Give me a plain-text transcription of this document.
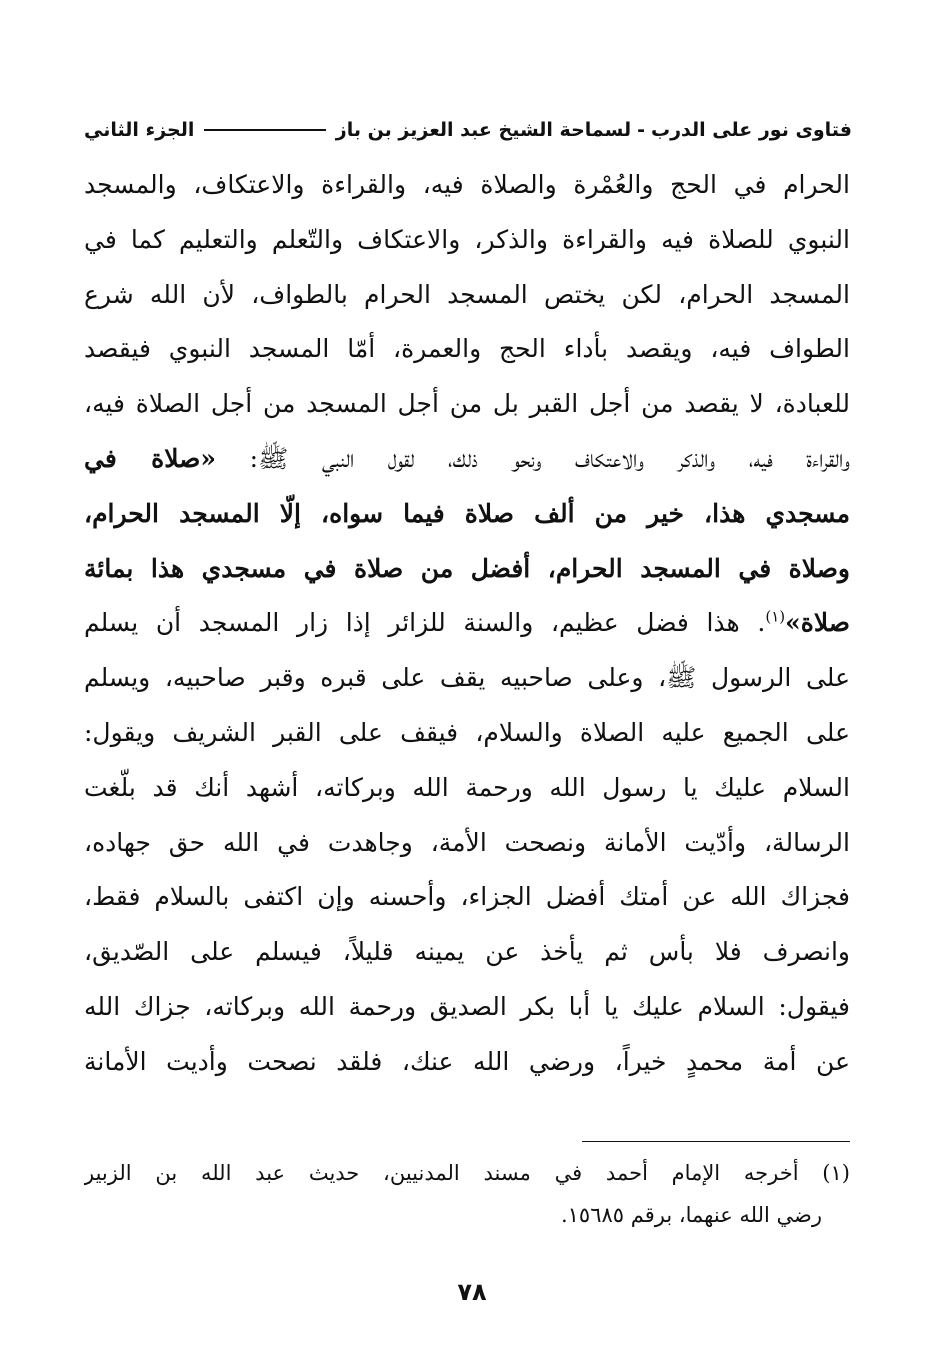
فتاوى نور على الدرب
-
لسماحة الشيخ عبد العزيز بن باز
الجزء الثاني
الحرام في الحج والعُمْرة والصلاة فيه، والقراءة والاعتكاف، والمسجد
النبوي للصلاة فيه والقراءة والذكر، والاعتكاف والتّعلم والتعليم كما في
المسجد الحرام، لكن يختص المسجد الحرام بالطواف، لأن الله شرع
الطواف فيه، ويقصد بأداء الحج والعمرة، أمّا المسجد النبوي فيقصد
للعبادة، لا يقصد من أجل القبر بل من أجل المسجد من أجل الصلاة فيه،
والقراءة فيه، والذكر والاعتكاف ونحو ذلك، لقول النبي ﷺ: «صلاة في
مسجدي هذا، خير من ألف صلاة فيما سواه، إلّا المسجد الحرام،
وصلاة في المسجد الحرام، أفضل من صلاة في مسجدي هذا بمائة
صلاة»$^{(١)}$. هذا فضل عظيم، والسنة للزائر إذا زار المسجد أن يسلم
على الرسول ﷺ، وعلى صاحبيه يقف على قبره وقبر صاحبيه، ويسلم
على الجميع عليه الصلاة والسلام، فيقف على القبر الشريف ويقول:
السلام عليك يا رسول الله ورحمة الله وبركاته، أشهد أنك قد بلّغت
الرسالة، وأدّيت الأمانة ونصحت الأمة، وجاهدت في الله حق جهاده،
فجزاك الله عن أمتك أفضل الجزاء، وأحسنه وإن اكتفى بالسلام فقط،
وانصرف فلا بأس ثم يأخذ عن يمينه قليلاً، فيسلم على الصّديق،
فيقول: السلام عليك يا أبا بكر الصديق ورحمة الله وبركاته، جزاك الله
عن أمة محمدٍ خيراً، ورضي الله عنك، فلقد نصحت وأديت الأمانة
(١) أخرجه الإمام أحمد في مسند المدنيين، حديث عبد الله بن الزبير
رضي الله عنهما، برقم ١٥٦٨٥.
٧٨
